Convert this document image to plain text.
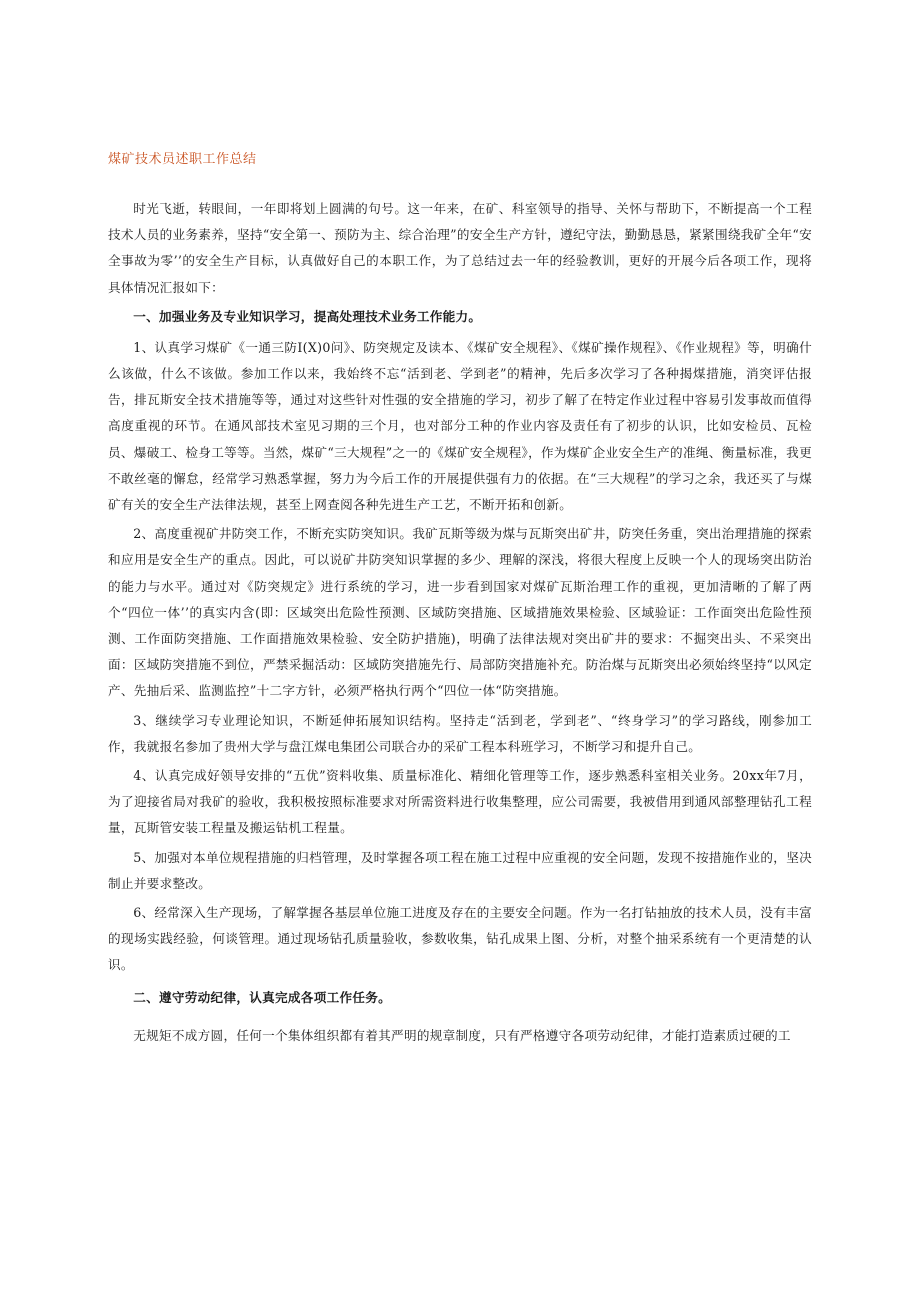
煤矿技术员述职工作总结

时光飞逝，转眼间，一年即将划上圆满的句号。这一年来，在矿、科室领导的指导、关怀与帮助下，不断提高一个工程技术人员的业务素养，坚持“安全第一、预防为主、综合治理”的安全生产方针，遵纪守法，勤勤恳恳，紧紧围绕我矿全年“安全事故为零’’的安全生产目标，认真做好自己的本职工作，为了总结过去一年的经验教训，更好的开展今后各项工作，现将具体情况汇报如下：

一、加强业务及专业知识学习，提高处理技术业务工作能力。

1、认真学习煤矿《一通三防Ⅰ(X)0问》、防突规定及读本、《煤矿安全规程》、《煤矿操作规程》、《作业规程》等，明确什么该做，什么不该做。参加工作以来，我始终不忘“活到老、学到老”的精神，先后多次学习了各种揭煤措施，消突评估报告，排瓦斯安全技术措施等等，通过对这些针对性强的安全措施的学习，初步了解了在特定作业过程中容易引发事故而值得高度重视的环节。在通风部技术室见习期的三个月，也对部分工种的作业内容及责任有了初步的认识，比如安检员、瓦检员、爆破工、检身工等等。当然，煤矿“三大规程”之一的《煤矿安全规程》，作为煤矿企业安全生产的准绳、衡量标准，我更不敢丝毫的懈怠，经常学习熟悉掌握，努力为今后工作的开展提供强有力的依据。在“三大规程”的学习之余，我还买了与煤矿有关的安全生产法律法规，甚至上网查阅各种先进生产工艺，不断开拓和创新。

2、高度重视矿井防突工作，不断充实防突知识。我矿瓦斯等级为煤与瓦斯突出矿井，防突任务重，突出治理措施的探索和应用是安全生产的重点。因此，可以说矿井防突知识掌握的多少、理解的深浅，将很大程度上反映一个人的现场突出防治的能力与水平。通过对《防突规定》进行系统的学习，进一步看到国家对煤矿瓦斯治理工作的重视，更加清晰的了解了两个“四位一体’’的真实内含(即：区域突出危险性预测、区域防突措施、区域措施效果检验、区域验证：工作面突出危险性预测、工作面防突措施、工作面措施效果检验、安全防护措施)，明确了法律法规对突出矿井的要求：不掘突出头、不采突出面：区域防突措施不到位，严禁采掘活动：区域防突措施先行、局部防突措施补充。防治煤与瓦斯突出必须始终坚持“以风定产、先抽后采、监测监控”十二字方针，必须严格执行两个“四位一体“防突措施。

3、继续学习专业理论知识，不断延伸拓展知识结构。坚持走“活到老，学到老”、“终身学习”的学习路线，刚参加工作，我就报名参加了贵州大学与盘江煤电集团公司联合办的采矿工程本科班学习，不断学习和提升自己。

4、认真完成好领导安排的“五优”资料收集、质量标准化、精细化管理等工作，逐步熟悉科室相关业务。20xx年7月，为了迎接省局对我矿的验收，我积极按照标准要求对所需资料进行收集整理，应公司需要，我被借用到通风部整理钻孔工程量，瓦斯管安装工程量及搬运钻机工程量。

5、加强对本单位规程措施的归档管理，及时掌握各项工程在施工过程中应重视的安全问题，发现不按措施作业的，坚决制止并要求整改。

6、经常深入生产现场，了解掌握各基层单位施工进度及存在的主要安全问题。作为一名打钻抽放的技术人员，没有丰富的现场实践经验，何谈管理。通过现场钻孔质量验收，参数收集，钻孔成果上图、分析，对整个抽采系统有一个更清楚的认识。

二、遵守劳动纪律，认真完成各项工作任务。

无规矩不成方圆，任何一个集体组织都有着其严明的规章制度，只有严格遵守各项劳动纪律，才能打造素质过硬的工
